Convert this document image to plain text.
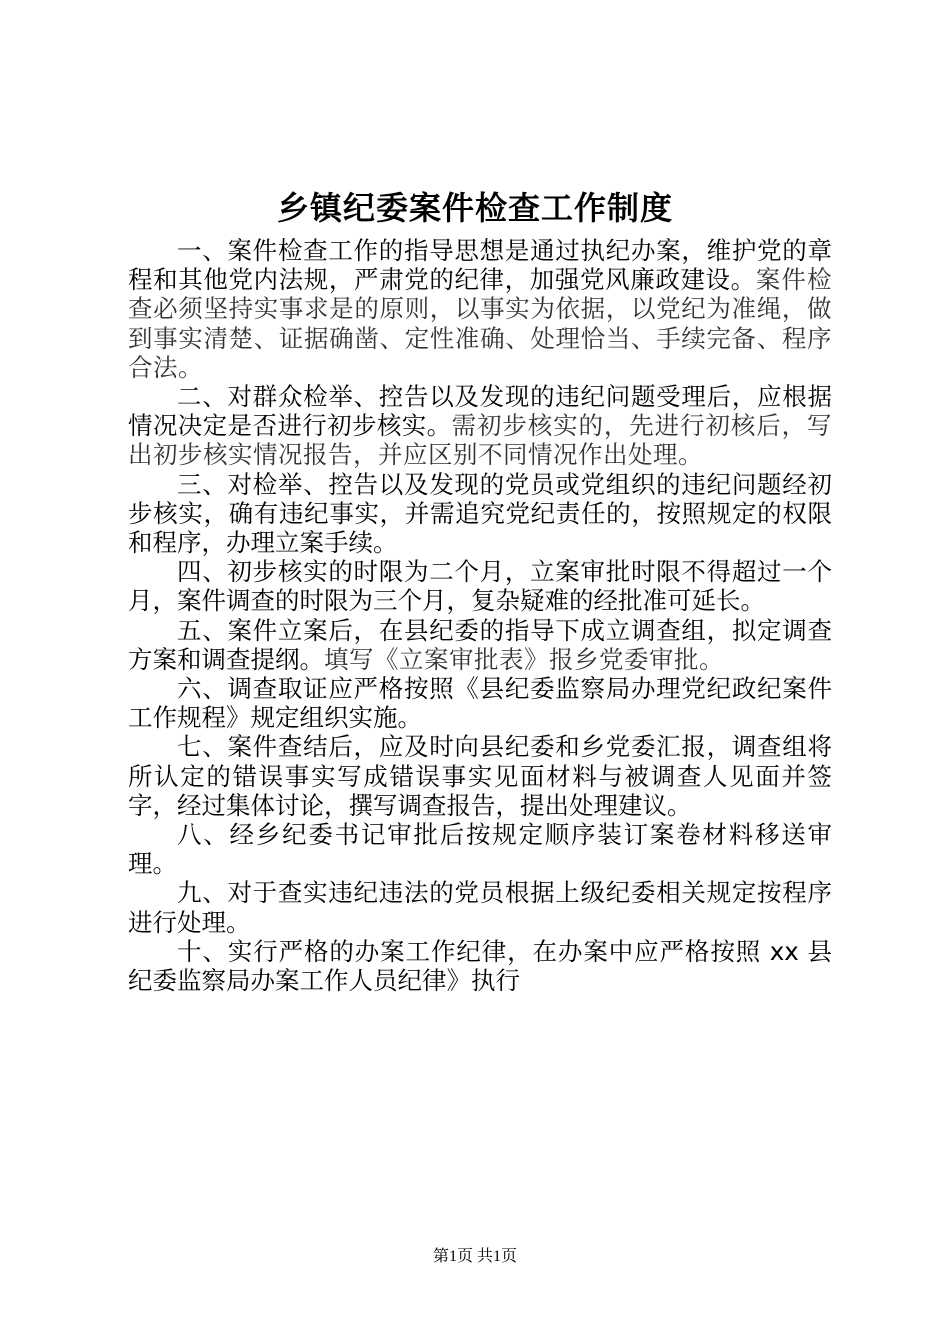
乡镇纪委案件检查工作制度

一、案件检查工作的指导思想是通过执纪办案，维护党的章程和其他党内法规，严肃党的纪律，加强党风廉政建设。案件检查必须坚持实事求是的原则，以事实为依据，以党纪为准绳，做到事实清楚、证据确凿、定性准确、处理恰当、手续完备、程序合法。

二、对群众检举、控告以及发现的违纪问题受理后，应根据情况决定是否进行初步核实。需初步核实的，先进行初核后，写出初步核实情况报告，并应区别不同情况作出处理。

三、对检举、控告以及发现的党员或党组织的违纪问题经初步核实，确有违纪事实，并需追究党纪责任的，按照规定的权限和程序，办理立案手续。

四、初步核实的时限为二个月，立案审批时限不得超过一个月，案件调查的时限为三个月，复杂疑难的经批准可延长。

五、案件立案后，在县纪委的指导下成立调查组，拟定调查方案和调查提纲。填写《立案审批表》报乡党委审批。

六、调查取证应严格按照《县纪委监察局办理党纪政纪案件工作规程》规定组织实施。

七、案件查结后，应及时向县纪委和乡党委汇报，调查组将所认定的错误事实写成错误事实见面材料与被调查人见面并签字，经过集体讨论，撰写调查报告，提出处理建议。

八、经乡纪委书记审批后按规定顺序装订案卷材料移送审理。

九、对于查实违纪违法的党员根据上级纪委相关规定按程序进行处理。

十、实行严格的办案工作纪律，在办案中应严格按照 xx 县纪委监察局办案工作人员纪律》执行

第1页 共1页
